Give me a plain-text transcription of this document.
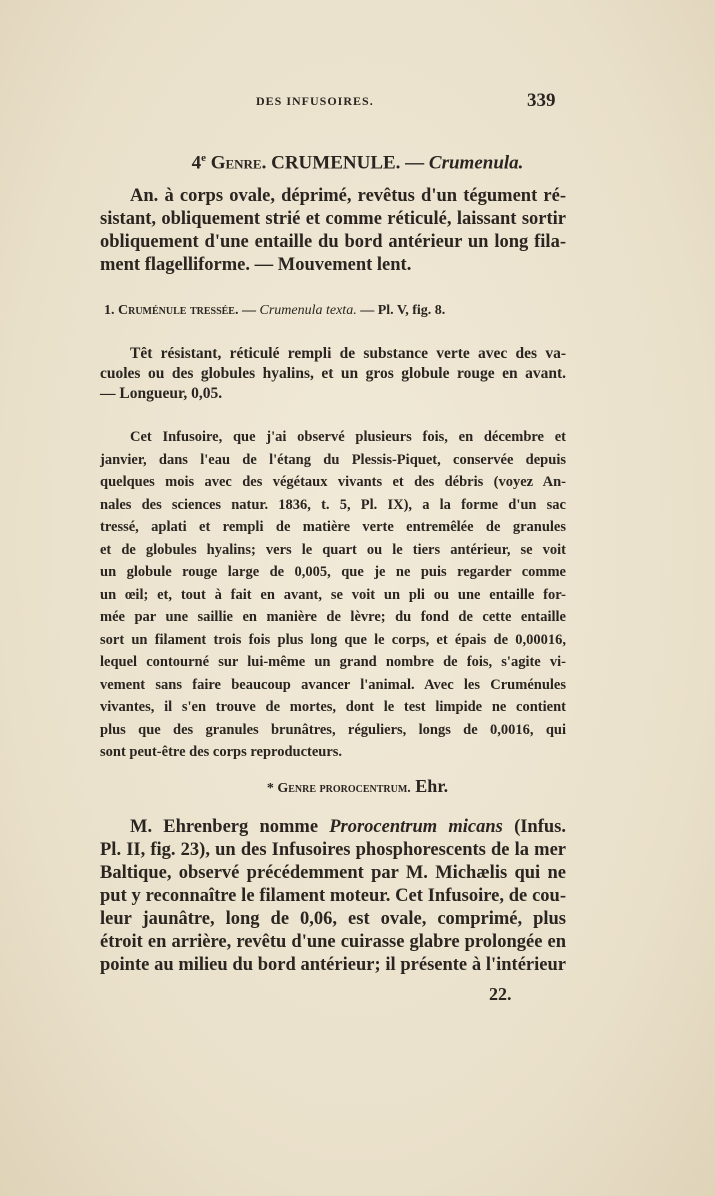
DES INFUSOIRES.	339
4e Genre. CRUMENULE. — Crumenula.
An. à corps ovale, déprimé, revêtus d'un tégument ré-
sistant, obliquement strié et comme réticulé, laissant sortir
obliquement d'une entaille du bord antérieur un long fila-
ment flagelliforme. — Mouvement lent.
1. Cruménule tressée. — Crumenula texta. — Pl. V, fig. 8.
Têt résistant, réticulé rempli de substance verte avec des va-
cuoles ou des globules hyalins, et un gros globule rouge en avant.
— Longueur, 0,05.
Cet Infusoire, que j'ai observé plusieurs fois, en décembre et
janvier, dans l'eau de l'étang du Plessis-Piquet, conservée depuis
quelques mois avec des végétaux vivants et des débris (voyez An-
nales des sciences natur. 1836, t. 5, Pl. IX), a la forme d'un sac
tressé, aplati et rempli de matière verte entremêlée de granules
et de globules hyalins; vers le quart ou le tiers antérieur, se voit
un globule rouge large de 0,005, que je ne puis regarder comme
un œil; et, tout à fait en avant, se voit un pli ou une entaille for-
mée par une saillie en manière de lèvre; du fond de cette entaille
sort un filament trois fois plus long que le corps, et épais de 0,00016,
lequel contourné sur lui-même un grand nombre de fois, s'agite vi-
vement sans faire beaucoup avancer l'animal. Avec les Cruménules
vivantes, il s'en trouve de mortes, dont le test limpide ne contient
plus que des granules brunâtres, réguliers, longs de 0,0016, qui
sont peut-être des corps reproducteurs.
* Genre prorocentrum. Ehr.
M. Ehrenberg nomme Prorocentrum micans (Infus.
Pl. II, fig. 23), un des Infusoires phosphorescents de la mer
Baltique, observé précédemment par M. Michælis qui ne
put y reconnaître le filament moteur. Cet Infusoire, de cou-
leur jaunâtre, long de 0,06, est ovale, comprimé, plus
étroit en arrière, revêtu d'une cuirasse glabre prolongée en
pointe au milieu du bord antérieur; il présente à l'intérieur
22.
